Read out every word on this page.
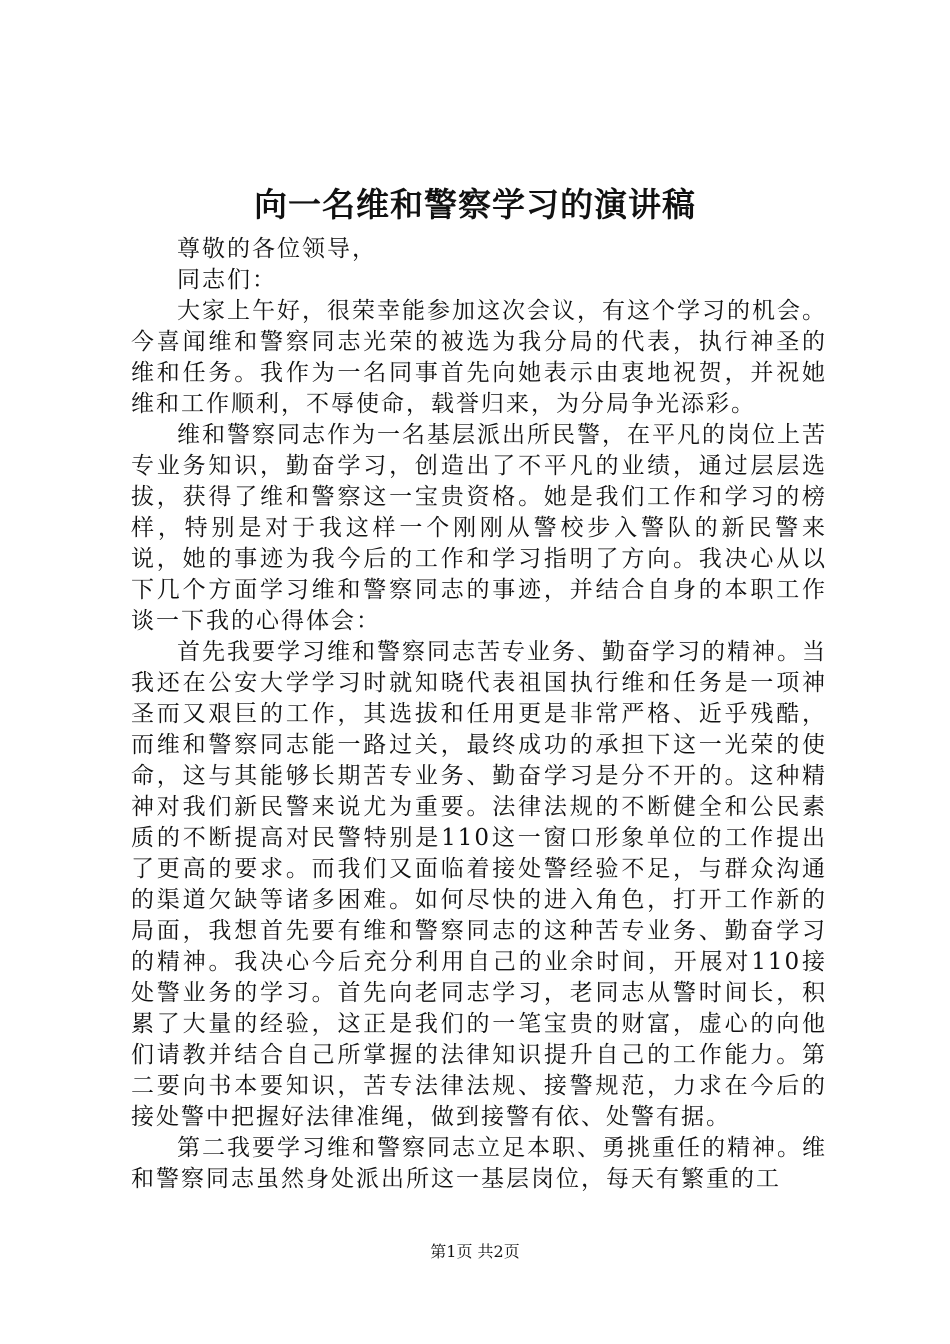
向一名维和警察学习的演讲稿

尊敬的各位领导，

同志们：

大家上午好，很荣幸能参加这次会议，有这个学习的机会。今喜闻维和警察同志光荣的被选为我分局的代表，执行神圣的维和任务。我作为一名同事首先向她表示由衷地祝贺，并祝她维和工作顺利，不辱使命，载誉归来，为分局争光添彩。

维和警察同志作为一名基层派出所民警，在平凡的岗位上苦专业务知识，勤奋学习，创造出了不平凡的业绩，通过层层选拔，获得了维和警察这一宝贵资格。她是我们工作和学习的榜样，特别是对于我这样一个刚刚从警校步入警队的新民警来说，她的事迹为我今后的工作和学习指明了方向。我决心从以下几个方面学习维和警察同志的事迹，并结合自身的本职工作谈一下我的心得体会：

首先我要学习维和警察同志苦专业务、勤奋学习的精神。当我还在公安大学学习时就知晓代表祖国执行维和任务是一项神圣而又艰巨的工作，其选拔和任用更是非常严格、近乎残酷，而维和警察同志能一路过关，最终成功的承担下这一光荣的使命，这与其能够长期苦专业务、勤奋学习是分不开的。这种精神对我们新民警来说尤为重要。法律法规的不断健全和公民素质的不断提高对民警特别是110这一窗口形象单位的工作提出了更高的要求。而我们又面临着接处警经验不足，与群众沟通的渠道欠缺等诸多困难。如何尽快的进入角色，打开工作新的局面，我想首先要有维和警察同志的这种苦专业务、勤奋学习的精神。我决心今后充分利用自己的业余时间，开展对110接处警业务的学习。首先向老同志学习，老同志从警时间长，积累了大量的经验，这正是我们的一笔宝贵的财富，虚心的向他们请教并结合自己所掌握的法律知识提升自己的工作能力。第二要向书本要知识，苦专法律法规、接警规范，力求在今后的接处警中把握好法律准绳，做到接警有依、处警有据。

第二我要学习维和警察同志立足本职、勇挑重任的精神。维和警察同志虽然身处派出所这一基层岗位，每天有繁重的工

第1页 共2页
